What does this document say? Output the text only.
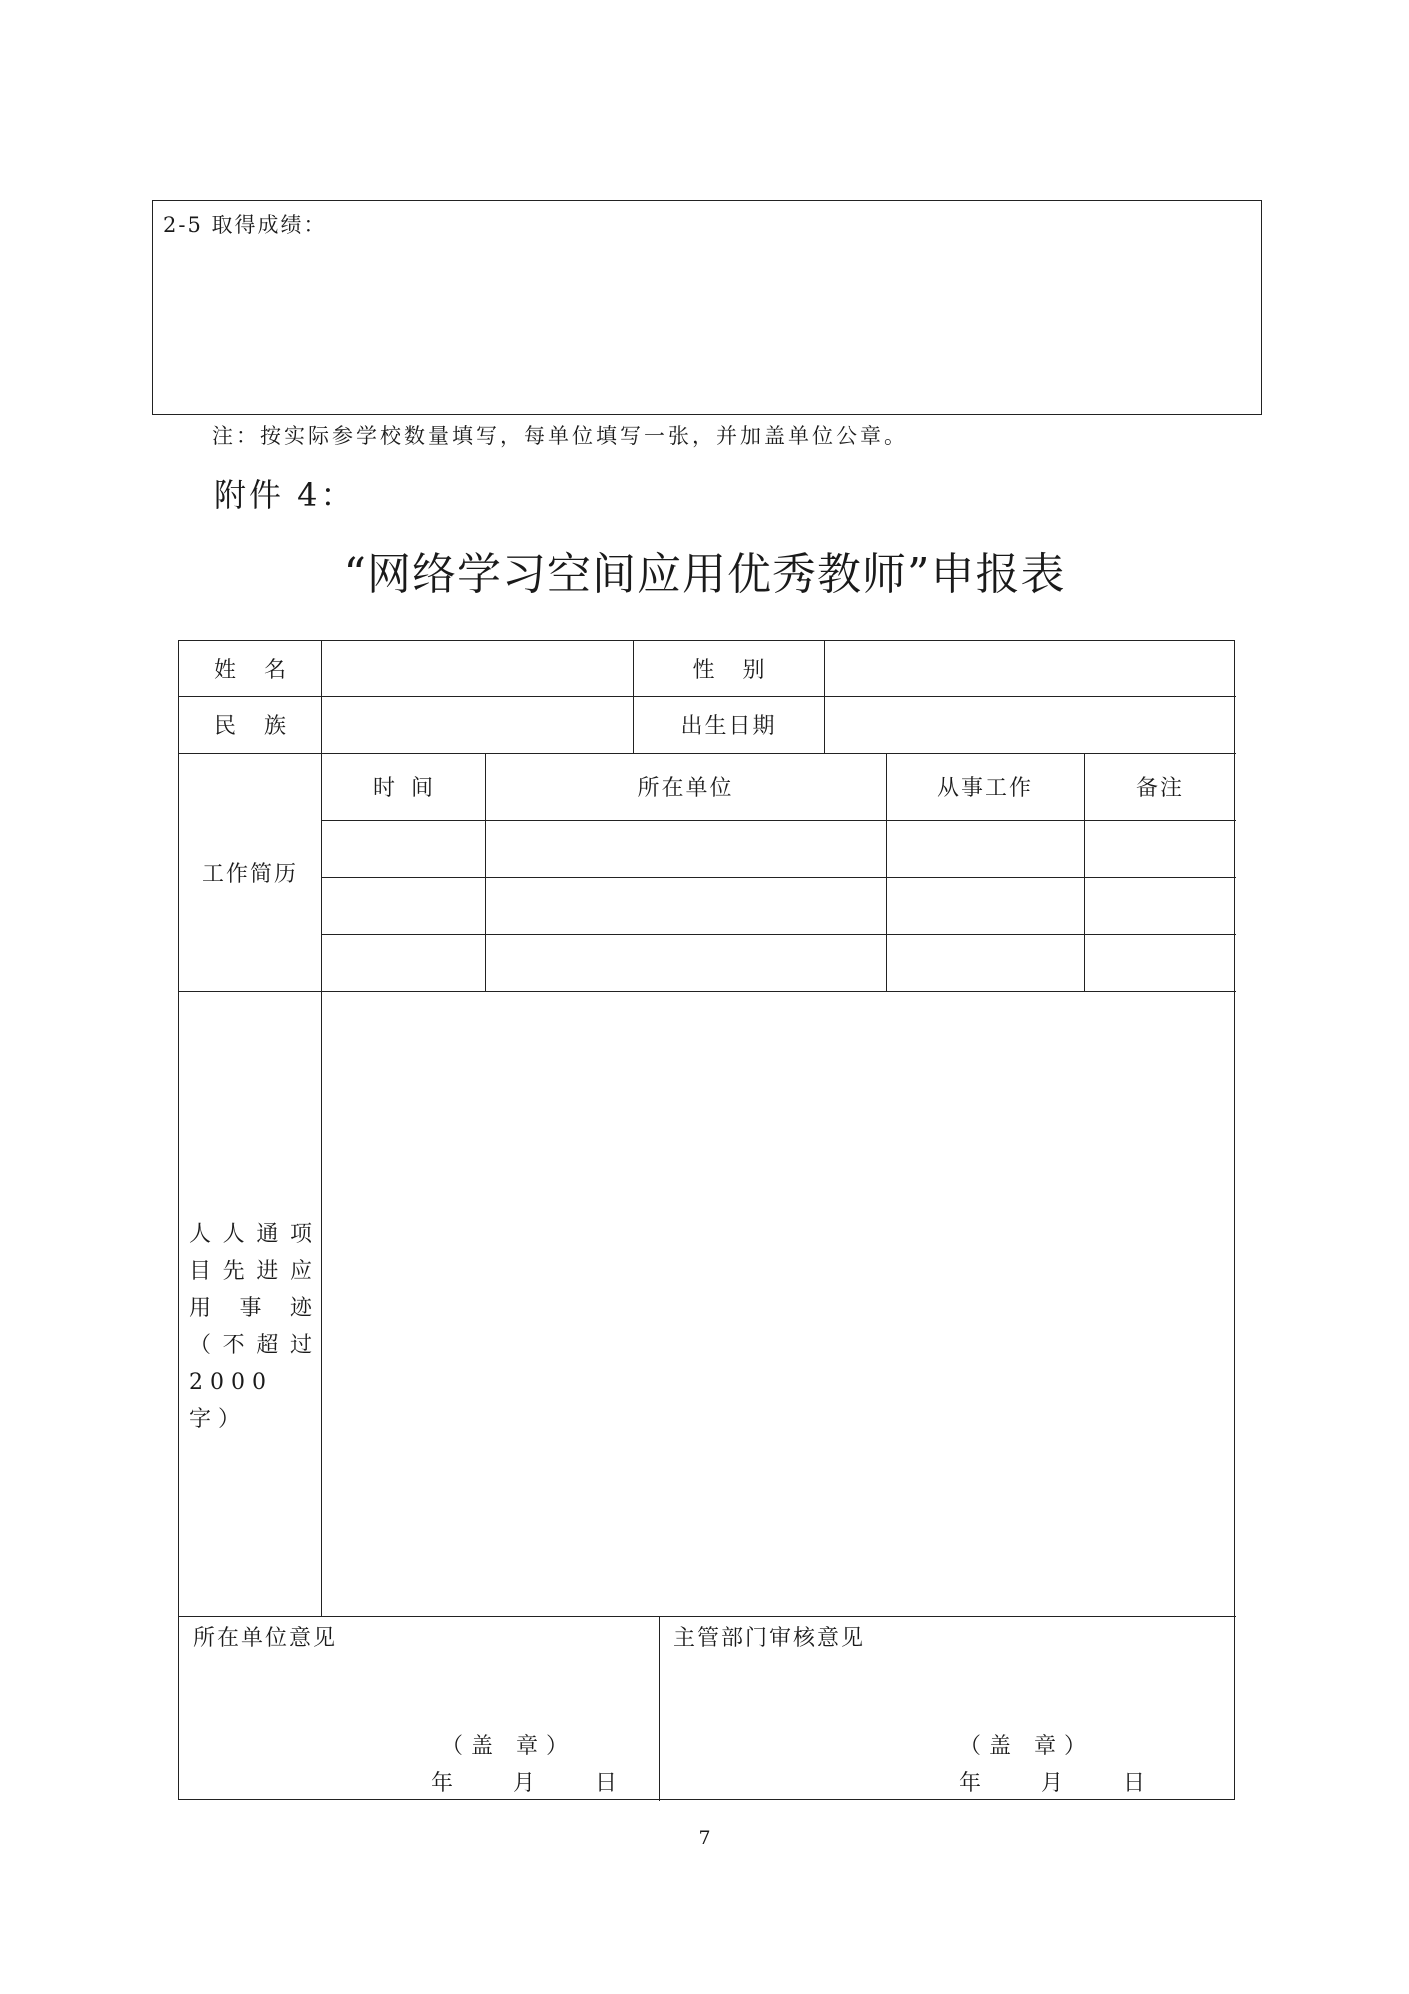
2-5 取得成绩：
注：按实际参学校数量填写，每单位填写一张，并加盖单位公章。
附件 4：
“网络学习空间应用优秀教师”申报表
姓名	性别
民族	出生日期
工作简历
时间	所在单位	从事工作	备注
人人通项目先进应用事迹（不超过2000字）
所在单位意见
（盖 章）
年	月	日
主管部门审核意见
（盖 章）
年	月	日
7
